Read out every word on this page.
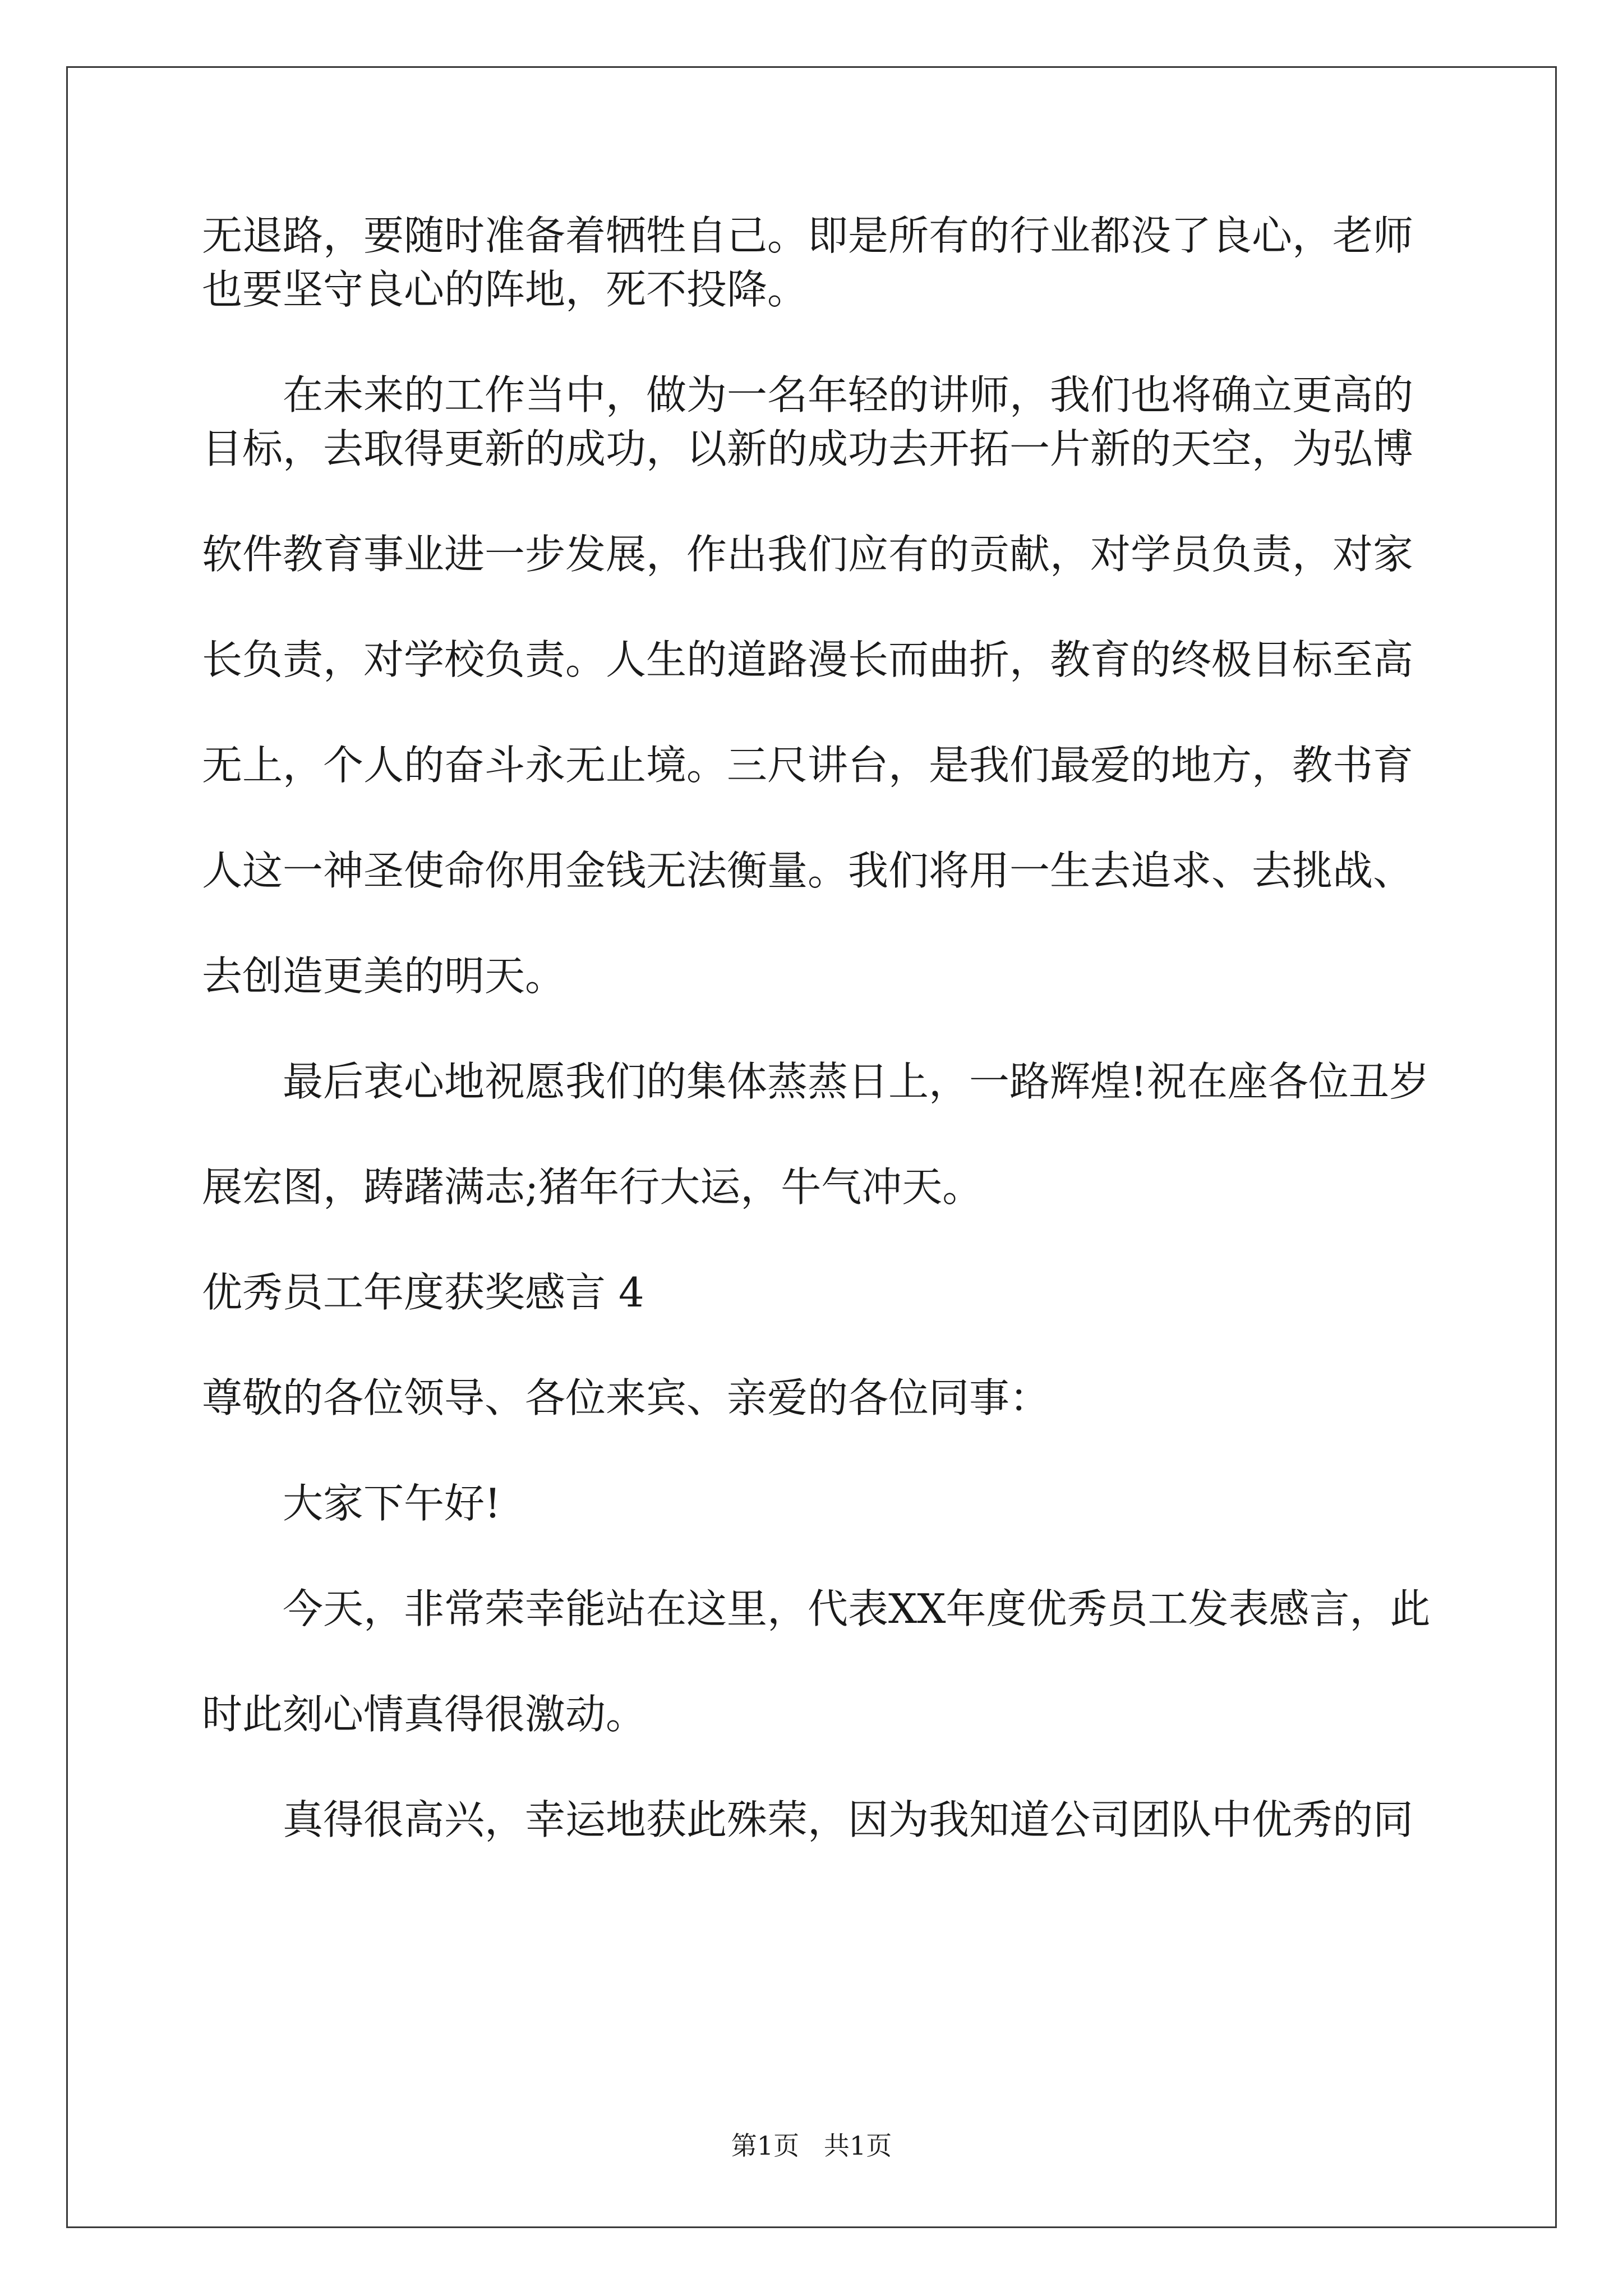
无退路，要随时准备着牺牲自己。即是所有的行业都没了良心，老师

也要坚守良心的阵地，死不投降。

在未来的工作当中，做为一名年轻的讲师，我们也将确立更高的

目标，去取得更新的成功，以新的成功去开拓一片新的天空，为弘博

软件教育事业进一步发展，作出我们应有的贡献，对学员负责，对家

长负责，对学校负责。人生的道路漫长而曲折，教育的终极目标至高

无上，个人的奋斗永无止境。三尺讲台，是我们最爱的地方，教书育

人这一神圣使命你用金钱无法衡量。我们将用一生去追求、去挑战、

去创造更美的明天。

最后衷心地祝愿我们的集体蒸蒸日上，一路辉煌!祝在座各位丑岁

展宏图，踌躇满志;猪年行大运，牛气冲天。

优秀员工年度获奖感言 4

尊敬的各位领导、各位来宾、亲爱的各位同事：

大家下午好!

今天，非常荣幸能站在这里，代表XX年度优秀员工发表感言，此

时此刻心情真得很激动。

真得很高兴，幸运地获此殊荣，因为我知道公司团队中优秀的同

第1页   共1页
